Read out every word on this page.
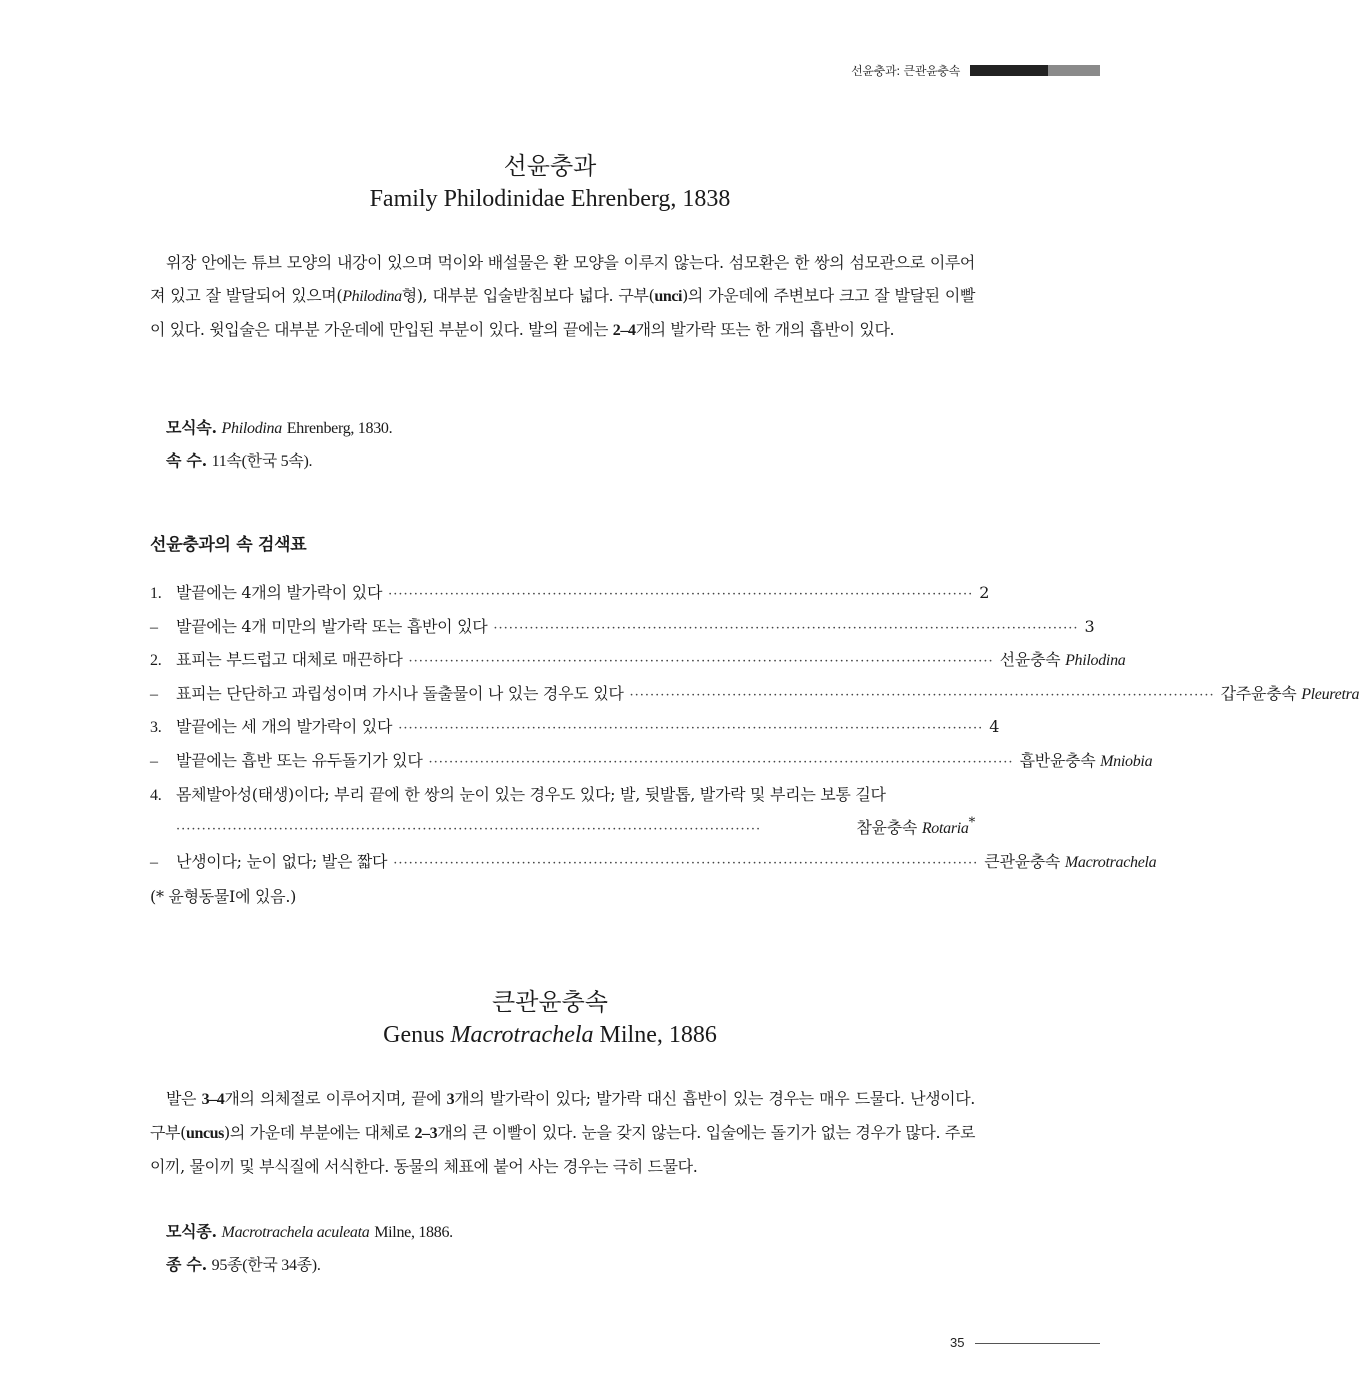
선윤충과: 큰관윤충속
선윤충과
Family Philodinidae Ehrenberg, 1838
위장 안에는 튜브 모양의 내강이 있으며 먹이와 배설물은 환 모양을 이루지 않는다. 섬모환은 한 쌍의 섬모관으로 이루어져 있고 잘 발달되어 있으며(Philodina형), 대부분 입술받침보다 넓다. 구부(unci)의 가운데에 주변보다 크고 잘 발달된 이빨이 있다. 윗입술은 대부분 가운데에 만입된 부분이 있다. 발의 끝에는 2–4개의 발가락 또는 한 개의 흡반이 있다.
모식속. Philodina Ehrenberg, 1830.
속 수. 11속(한국 5속).
선윤충과의 속 검색표
1. 발끝에는 4개의 발가락이 있다 ·················································································································· 2
–	발끝에는 4개 미만의 발가락 또는 흡반이 있다 ·················································································································· 3
2. 표피는 부드럽고 대체로 매끈하다 ·················································································································· 선윤충속 Philodina
–	표피는 단단하고 과립성이며 가시나 돌출물이 나 있는 경우도 있다 ·················································································································· 갑주윤충속 Pleuretra
3. 발끝에는 세 개의 발가락이 있다 ·················································································································· 4
–	발끝에는 흡반 또는 유두돌기가 있다 ·················································································································· 흡반윤충속 Mniobia
4. 몸체발아성(태생)이다; 부리 끝에 한 쌍의 눈이 있는 경우도 있다; 발, 뒷발톱, 발가락 및 부리는 보통 길다
··················································································································	참윤충속 Rotaria*
–	난생이다; 눈이 없다; 발은 짧다 ·················································································································· 큰관윤충속 Macrotrachela
(* 윤형동물I에 있음.)
큰관윤충속
Genus Macrotrachela Milne, 1886
발은 3–4개의 의체절로 이루어지며, 끝에 3개의 발가락이 있다; 발가락 대신 흡반이 있는 경우는 매우 드물다. 난생이다. 구부(uncus)의 가운데 부분에는 대체로 2–3개의 큰 이빨이 있다. 눈을 갖지 않는다. 입술에는 돌기가 없는 경우가 많다. 주로 이끼, 물이끼 및 부식질에 서식한다. 동물의 체표에 붙어 사는 경우는 극히 드물다.
모식종. Macrotrachela aculeata Milne, 1886.
종 수. 95종(한국 34종).
35
